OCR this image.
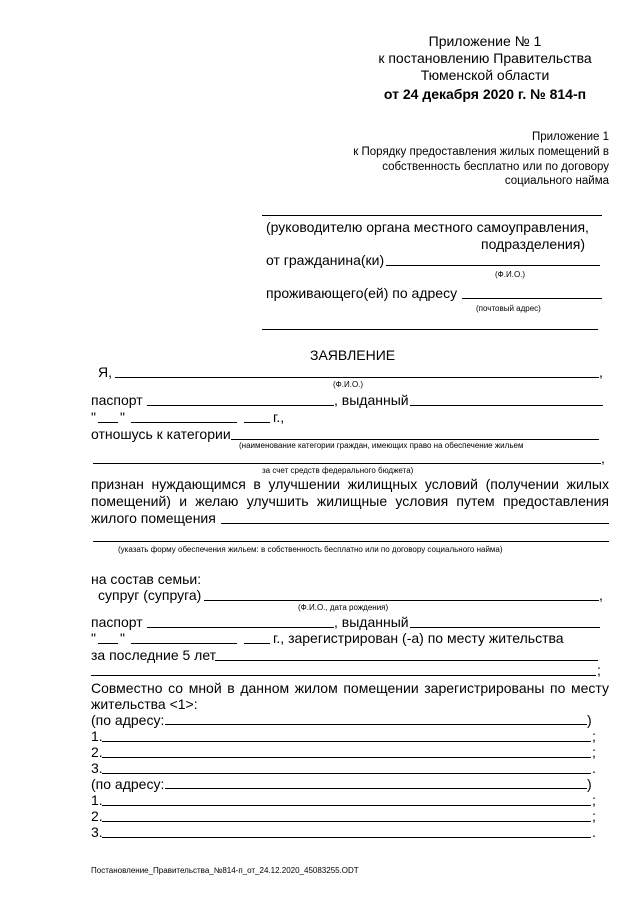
Приложение № 1
к постановлению Правительства
Тюменской области
от 24 декабря 2020 г. № 814-п
Приложение 1
к Порядку предоставления жилых помещений в
собственность бесплатно или по договору
социального найма
(руководителю органа местного самоуправления,
подразделения)
от гражданина(ки)
(Ф.И.О.)
проживающего(ей) по адресу
(почтовый адрес)
ЗАЯВЛЕНИЕ
Я,	,
(Ф.И.О.)
паспорт	, выданный
" "	г.,
отношусь к категории
(наименование категории граждан, имеющих право на обеспечение жильем
,
за счет средств федерального бюджета)
признан нуждающимся в улучшении жилищных условий (получении жилых помещений) и желаю улучшить жилищные условия путем предоставления
жилого помещения
(указать форму обеспечения жильем: в собственность бесплатно или по договору социального найма)
на состав семьи:
супруг (супруга)	,
(Ф.И.О., дата рождения)
паспорт	, выданный
" "	г., зарегистрирован (-а) по месту жительства
за последние 5 лет
;
Совместно со мной в данном жилом помещении зарегистрированы по месту
жительства <1>:
(по адресу:	)
1.	;
2.	;
3.	.
(по адресу:	)
1.	;
2.	;
3.	.
Постановление_Правительства_№814-п_от_24.12.2020_45083255.ODT
